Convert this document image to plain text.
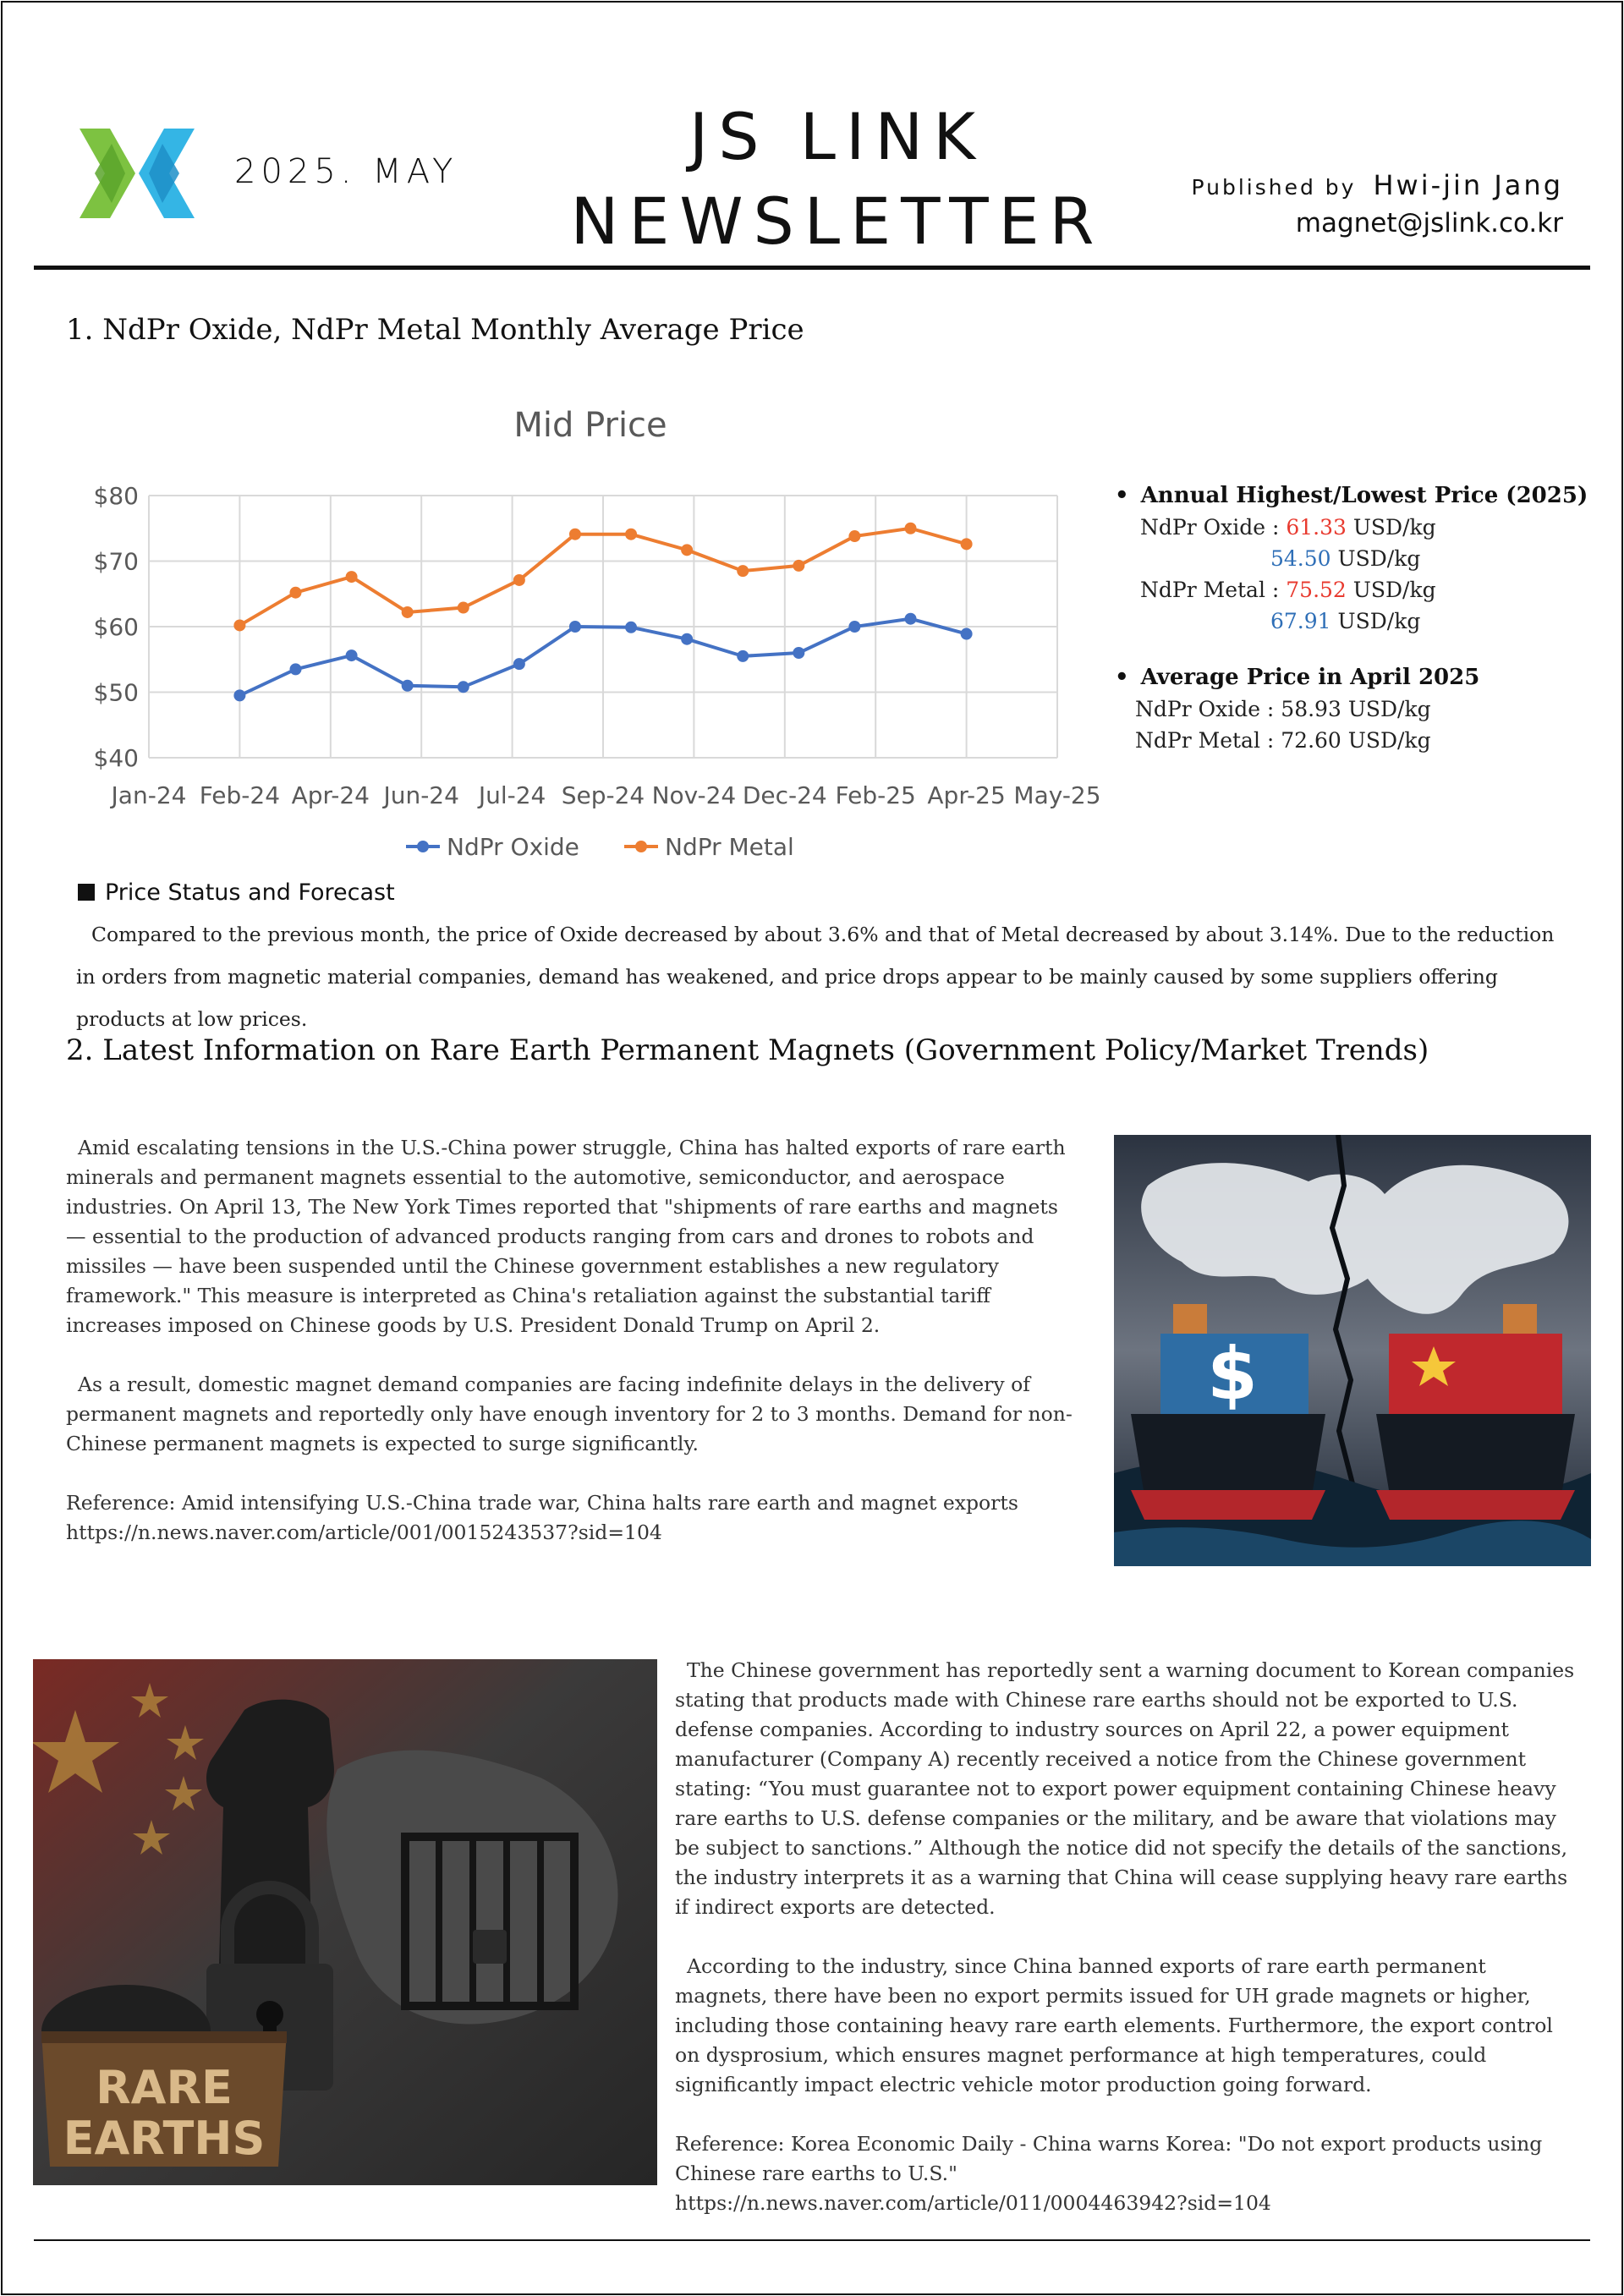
2025. MAY	JS LINK
NEWSLETTER	Published by Hwi-jin Jang
magnet@jslink.co.kr
1. NdPr Oxide, NdPr Metal Monthly Average Price
Mid Price
$40
$50
$60
$70
$80
Jan-24 Feb-24 Apr-24 Jun-24 Jul-24 Sep-24 Nov-24 Dec-24 Feb-25 Apr-25 May-25
NdPr Oxide	NdPr Metal
• Annual Highest/Lowest Price (2025)
NdPr Oxide : 61.33 USD/kg
54.50 USD/kg
NdPr Metal : 75.52 USD/kg
67.91 USD/kg
• Average Price in April 2025
NdPr Oxide : 58.93 USD/kg
NdPr Metal : 72.60 USD/kg
Price Status and Forecast

Compared to the previous month, the price of Oxide decreased by about 3.6% and that of Metal decreased by about 3.14%. Due to the reduction in orders from magnetic material companies, demand has weakened, and price drops appear to be mainly caused by some suppliers offering products at low prices.

2. Latest Information on Rare Earth Permanent Magnets (Government Policy/Market Trends)

Amid escalating tensions in the U.S.-China power struggle, China has halted exports of rare earth minerals and permanent magnets essential to the automotive, semiconductor, and aerospace industries. On April 13, The New York Times reported that "shipments of rare earths and magnets — essential to the production of advanced products ranging from cars and drones to robots and missiles — have been suspended until the Chinese government establishes a new regulatory framework." This measure is interpreted as China's retaliation against the substantial tariff increases imposed on Chinese goods by U.S. President Donald Trump on April 2.

As a result, domestic magnet demand companies are facing indefinite delays in the delivery of permanent magnets and reportedly only have enough inventory for 2 to 3 months. Demand for non-Chinese permanent magnets is expected to surge significantly.

Reference: Amid intensifying U.S.-China trade war, China halts rare earth and magnet exports

https://n.news.naver.com/article/001/0015243537?sid=104

$
RARE
EARTHS

The Chinese government has reportedly sent a warning document to Korean companies stating that products made with Chinese rare earths should not be exported to U.S. defense companies. According to industry sources on April 22, a power equipment manufacturer (Company A) recently received a notice from the Chinese government stating: “You must guarantee not to export power equipment containing Chinese heavy rare earths to U.S. defense companies or the military, and be aware that violations may be subject to sanctions.” Although the notice did not specify the details of the sanctions, the industry interprets it as a warning that China will cease supplying heavy rare earths if indirect exports are detected.

According to the industry, since China banned exports of rare earth permanent magnets, there have been no export permits issued for UH grade magnets or higher, including those containing heavy rare earth elements. Furthermore, the export control on dysprosium, which ensures magnet performance at high temperatures, could significantly impact electric vehicle motor production going forward.

Reference: Korea Economic Daily - China warns Korea: "Do not export products using Chinese rare earths to U.S."

https://n.news.naver.com/article/011/0004463942?sid=104
